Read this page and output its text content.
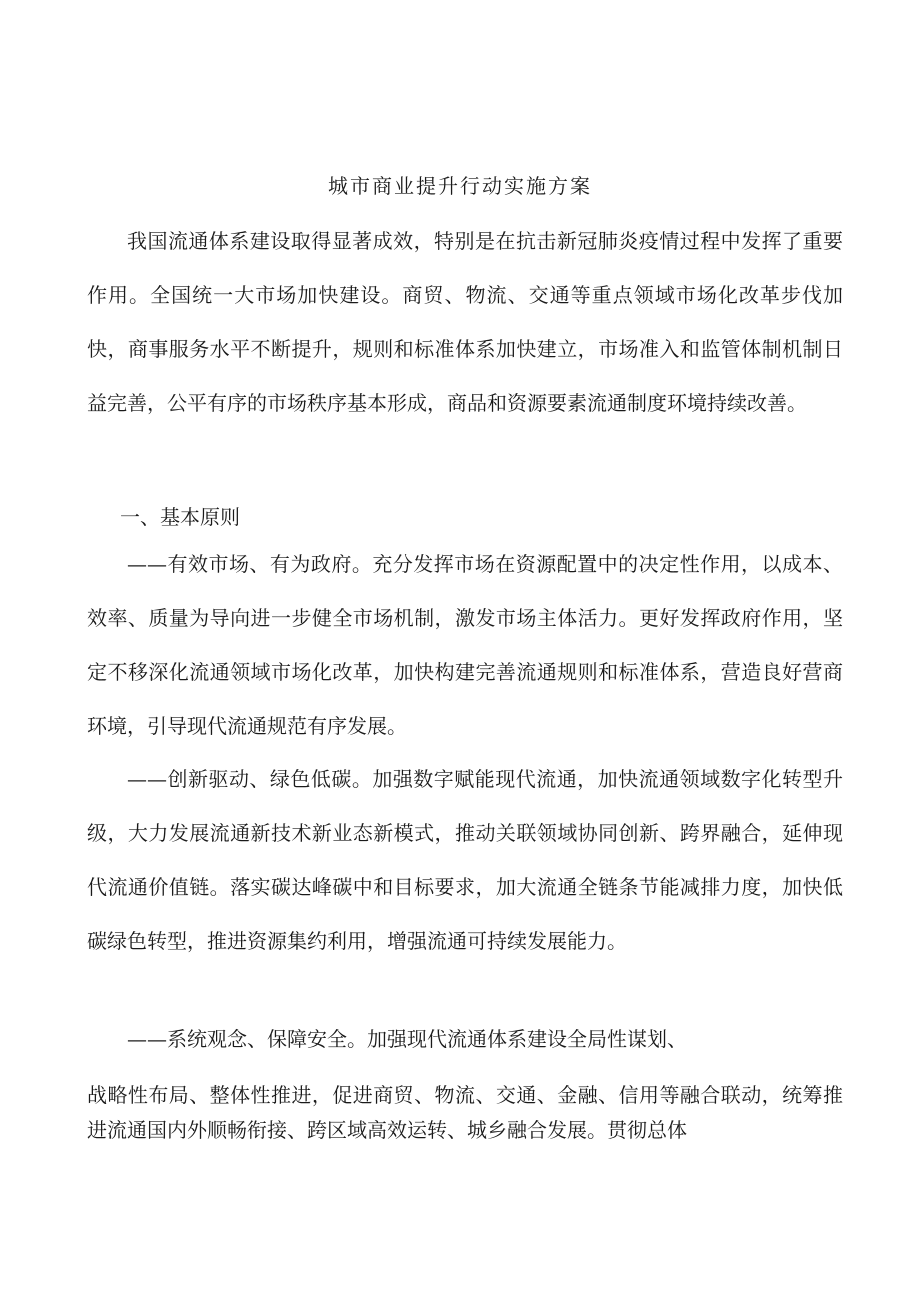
城市商业提升行动实施方案

我国流通体系建设取得显著成效，特别是在抗击新冠肺炎疫情过程中发挥了重要作用。全国统一大市场加快建设。商贸、物流、交通等重点领域市场化改革步伐加快，商事服务水平不断提升，规则和标准体系加快建立，市场准入和监管体制机制日益完善，公平有序的市场秩序基本形成，商品和资源要素流通制度环境持续改善。

一、基本原则

——有效市场、有为政府。充分发挥市场在资源配置中的决定性作用，以成本、效率、质量为导向进一步健全市场机制，激发市场主体活力。更好发挥政府作用，坚定不移深化流通领域市场化改革，加快构建完善流通规则和标准体系，营造良好营商环境，引导现代流通规范有序发展。

——创新驱动、绿色低碳。加强数字赋能现代流通，加快流通领域数字化转型升级，大力发展流通新技术新业态新模式，推动关联领域协同创新、跨界融合，延伸现代流通价值链。落实碳达峰碳中和目标要求，加大流通全链条节能减排力度，加快低碳绿色转型，推进资源集约利用，增强流通可持续发展能力。

——系统观念、保障安全。加强现代流通体系建设全局性谋划、

战略性布局、整体性推进，促进商贸、物流、交通、金融、信用等融合联动，统筹推进流通国内外顺畅衔接、跨区域高效运转、城乡融合发展。贯彻总体
